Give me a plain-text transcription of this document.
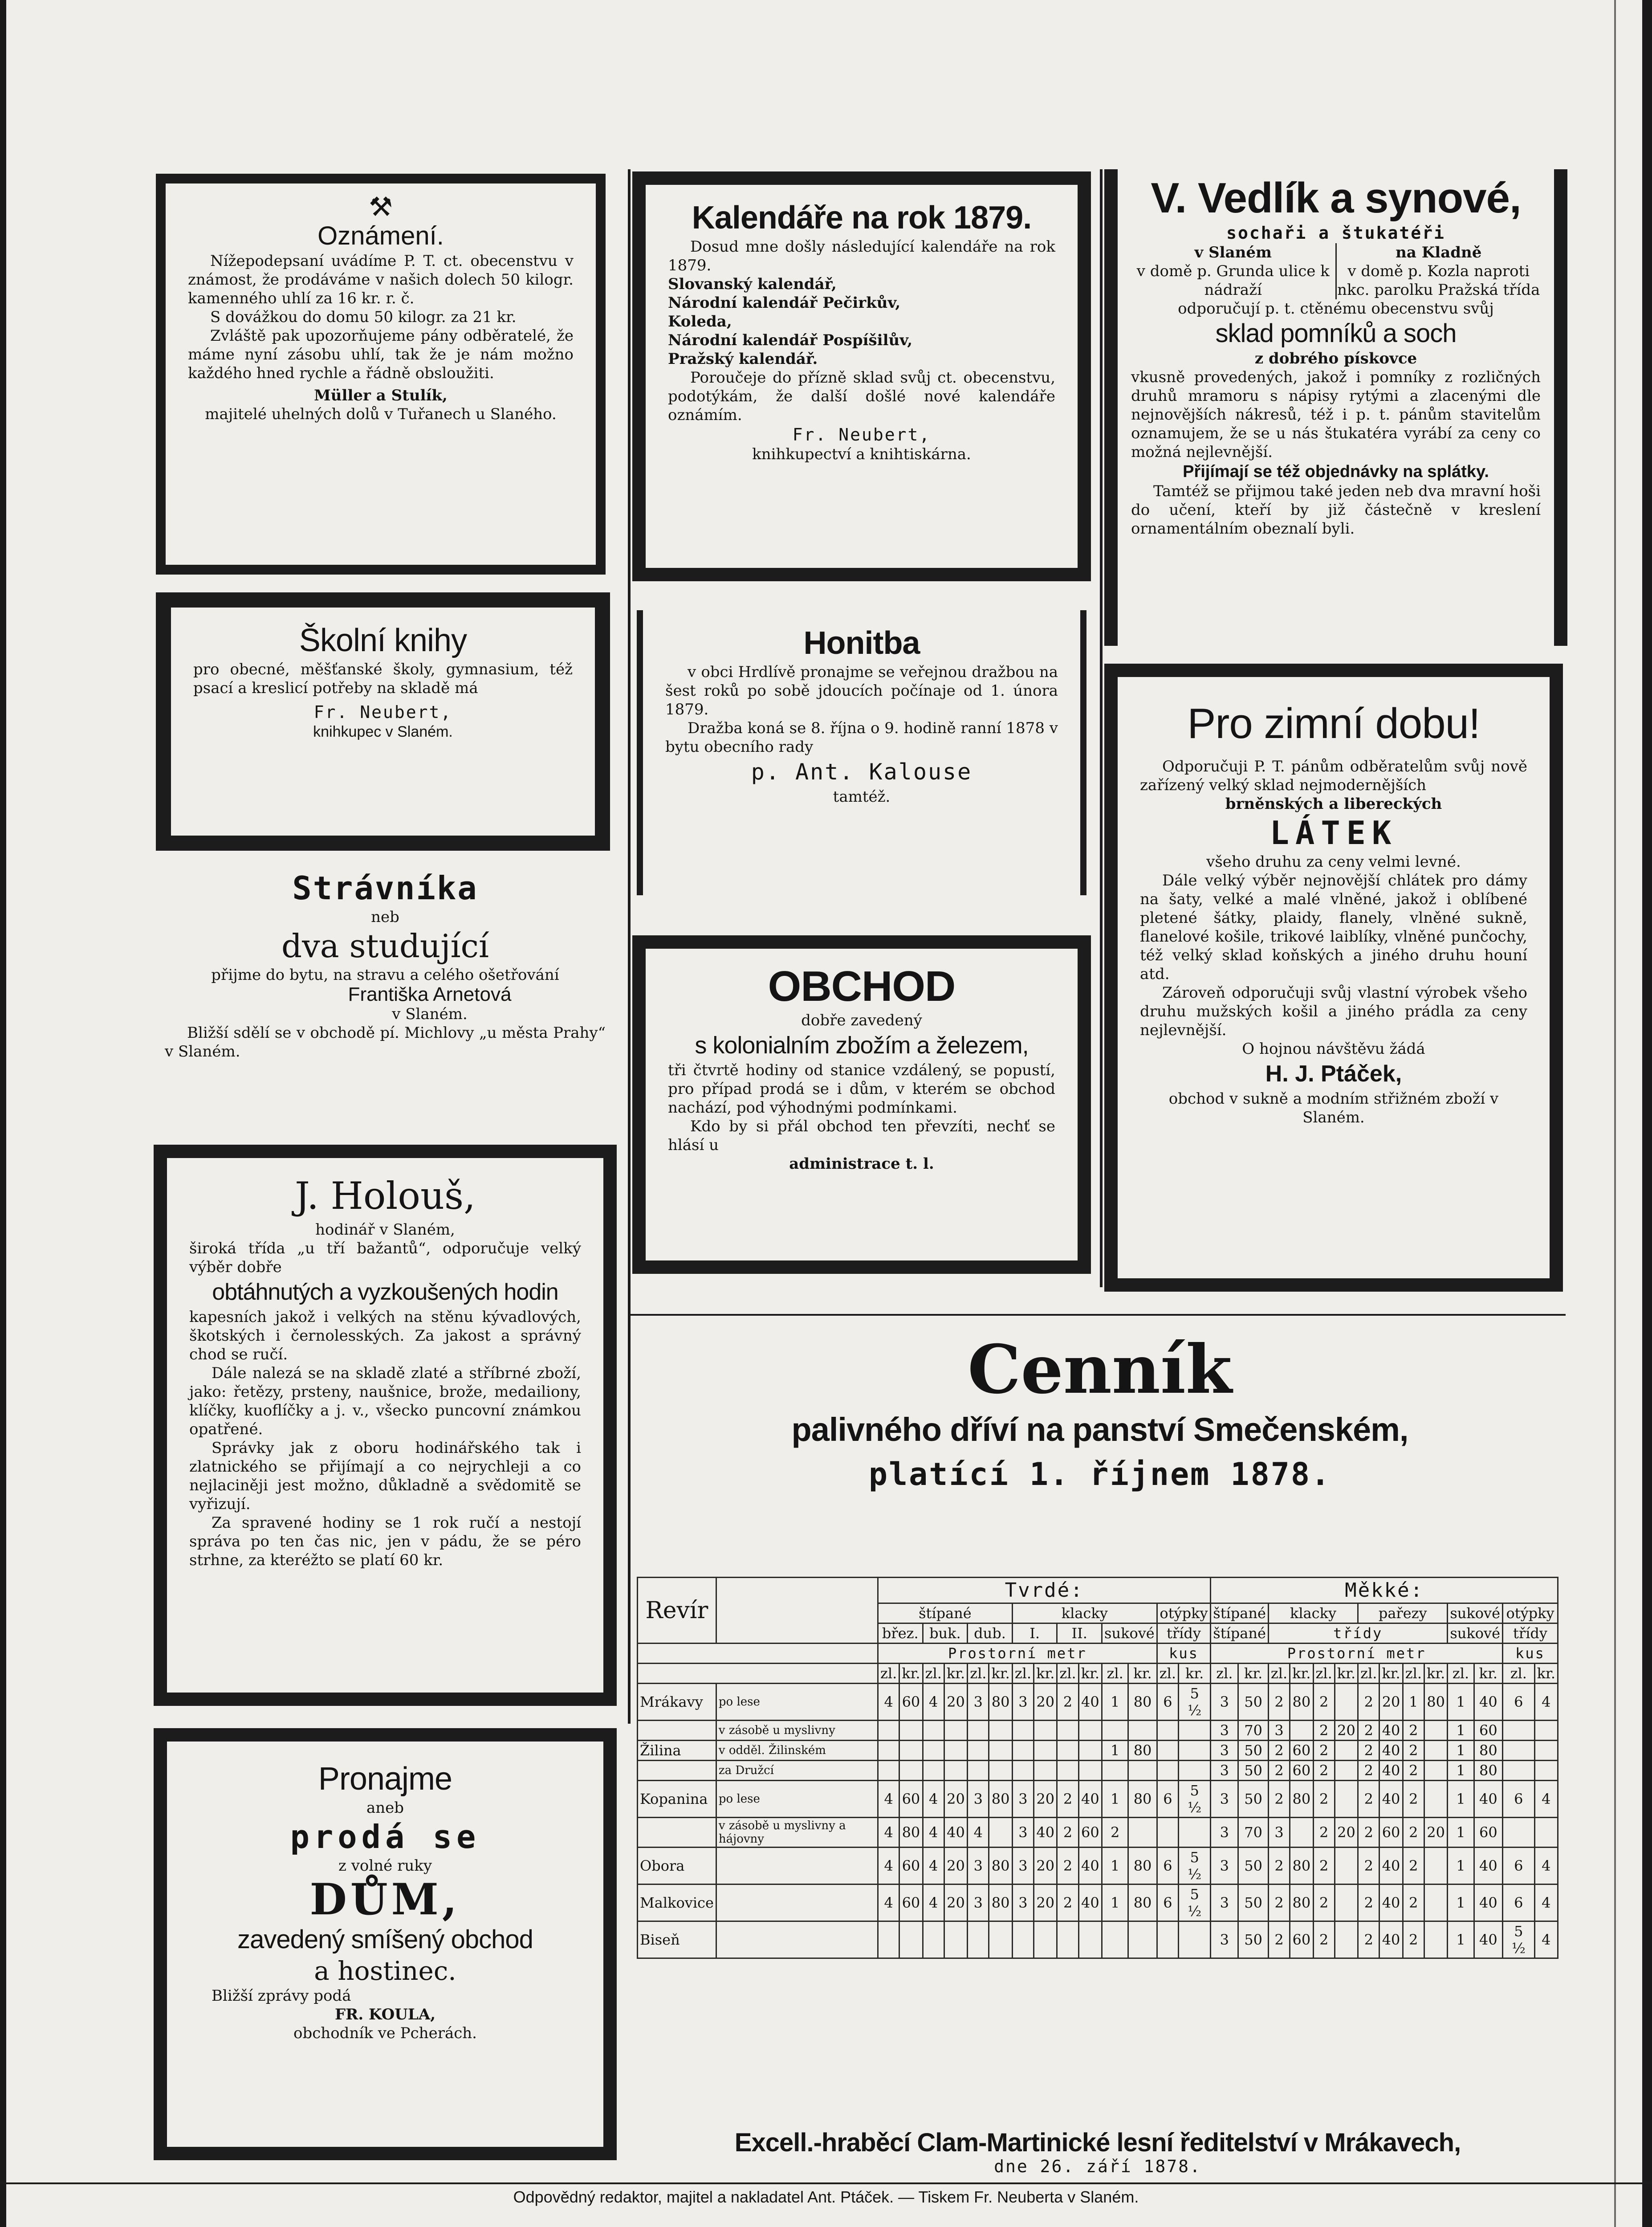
⚒
Oznámení.
Nížepodepsaní uvádíme P. T. ct. obecenstvu v známost, že prodáváme v našich dolech 50 kilogr. kamenného uhlí za 16 kr. r. č.
S dovážkou do domu 50 kilogr. za 21 kr.
Zvláště pak upozorňujeme pány odběratelé, že máme nyní zásobu uhlí, tak že je nám možno každého hned rychle a řádně obsloužiti.
Müller a Stulík,
majitelé uhelných dolů v Tuřanech u Slaného.
Kalendáře na rok 1879.
Dosud mne došly následující kalendáře na rok 1879.
Slovanský kalendář,
Národní kalendář Pečirkův,
Koleda,
Národní kalendář Pospíšilův,
Pražský kalendář.
Poroučeje do přízně sklad svůj ct. obecenstvu, podotýkám, že další došlé nové kalendáře oznámím.
Fr. Neubert,
knihkupectví a knihtiskárna.
V. Vedlík a synové,
sochaři a štukatéři
v Slaném
v domě p. Grunda ulice k nádraží
na Kladně
v domě p. Kozla naproti nkc. parolku Pražská třída
odporučují p. t. ctěnému obecenstvu svůj
sklad pomníků a soch
z dobrého pískovce
vkusně provedených, jakož i pomníky z rozličných druhů mramoru s nápisy rytými a zlacenými dle nejnovějších nákresů, též i p. t. pánům stavitelům oznamujem, že se u nás štukatéra vyrábí za ceny co možná nejlevnější.
Přijímají se též objednávky na splátky.
Tamtéž se přijmou také jeden neb dva mravní hoši do učení, kteří by již částečně v kreslení ornamentálním obeznalí byli.
Školní knihy
pro obecné, měšťanské školy, gymnasium, též psací a kreslicí potřeby na skladě má
Fr. Neubert,
knihkupec v Slaném.
Honitba
v obci Hrdlívě pronajme se veřejnou dražbou na šest roků po sobě jdoucích počínaje od 1. února 1879.
Dražba koná se 8. října o 9. hodině ranní 1878 v bytu obecního rady
p. Ant. Kalouse
tamtéž.
Pro zimní dobu!
Odporučuji P. T. pánům odběratelům svůj nově zařízený velký sklad nejmodernějších
brněnských a libereckých
LÁTEK
všeho druhu za ceny velmi levné.
Dále velký výběr nejnovější chlátek pro dámy na šaty, velké a malé vlněné, jakož i oblíbené pletené šátky, plaidy, flanely, vlněné sukně, flanelové košile, trikové laiblíky, vlněné punčochy, též velký sklad koňských a jiného druhu houní atd.
Zároveň odporučuji svůj vlastní výrobek všeho druhu mužských košil a jiného prádla za ceny nejlevnější.
O hojnou návštěvu žádá
H. J. Ptáček,
obchod v sukně a modním střižném zboží v Slaném.
Strávníka
neb
dva studující
přijme do bytu, na stravu a celého ošetřování
Františka Arnetová
v Slaném.
Bližší sdělí se v obchodě pí. Michlovy „u města Prahy“ v Slaném.
OBCHOD
dobře zavedený
s kolonialním zbožím a železem,
tři čtvrtě hodiny od stanice vzdálený, se popustí, pro případ prodá se i dům, v kterém se obchod nachází, pod výhodnými podmínkami.
Kdo by si přál obchod ten převzíti, nechť se hlásí u
administrace t. l.
J. Holouš,
hodinář v Slaném,
široká třída „u tří bažantů“, odporučuje velký výběr dobře
obtáhnutých a vyzkoušených hodin
kapesních jakož i velkých na stěnu kývadlových, škotských i černolesských. Za jakost a správný chod se ručí.
Dále nalezá se na skladě zlaté a stříbrné zboží, jako: řetězy, prsteny, naušnice, brože, medailiony, klíčky, kuoflíčky a j. v., všecko puncovní známkou opatřené.
Správky jak z oboru hodinářského tak i zlatnického se přijímají a co nejrychleji a co nejlaciněji jest možno, důkladně a svědomitě se vyřizují.
Za spravené hodiny se 1 rok ručí a nestojí správa po ten čas nic, jen v pádu, že se péro strhne, za kteréžto se platí 60 kr.
Cenník
palivného dříví na panství Smečenském,
platící 1. říjnem 1878.
Revír		Tvrdé:														Měkké:													
		štípané						klacky						otýpky		štípané		klacky				pařezy				sukové		otýpky	
		břez.		buk.		dub.		I.		II.		sukové		třídy		štípané		třídy								sukové		třídy	
		Prostorní metr												kus		Prostorní metr												kus	
		zl.	kr.	zl.	kr.	zl.	kr.	zl.	kr.	zl.	kr.	zl.	kr.	zl.	kr.	zl.	kr.	zl.	kr.	zl.	kr.	zl.	kr.	zl.	kr.	zl.	kr.	zl.	kr.
Mrákavy	po lese	4	60	4	20	3	80	3	20	2	40	1	80	6	5 ½	3	50	2	80	2		2	20	1	80	1	40	6	4
	v zásobě u myslivny															3	70	3		2	20	2	40	2		1	60		
Žilina	v odděl. Žilinském											1	80			3	50	2	60	2		2	40	2		1	80		
	za Družcí															3	50	2	60	2		2	40	2		1	80		
Kopanina	po lese	4	60	4	20	3	80	3	20	2	40	1	80	6	5 ½	3	50	2	80	2		2	40	2		1	40	6	4
	v zásobě u myslivny a hájovny	4	80	4	40	4		3	40	2	60	2				3	70	3		2	20	2	60	2	20	1	60		
Obora		4	60	4	20	3	80	3	20	2	40	1	80	6	5 ½	3	50	2	80	2		2	40	2		1	40	6	4
Malkovice		4	60	4	20	3	80	3	20	2	40	1	80	6	5 ½	3	50	2	80	2		2	40	2		1	40	6	4
Biseň																3	50	2	60	2		2	40	2		1	40	5 ½	4
Excell.-hraběcí Clam-Martinické lesní ředitelství v Mrákavech,
dne 26. září 1878.
Pronajme
aneb
prodá se
z volné ruky
DŮM,
zavedený smíšený obchod
a hostinec.
Bližší zprávy podá
FR. KOULA,
obchodník ve Pcherách.
Odpovědný redaktor, majitel a nakladatel Ant. Ptáček. — Tiskem Fr. Neuberta v Slaném.
